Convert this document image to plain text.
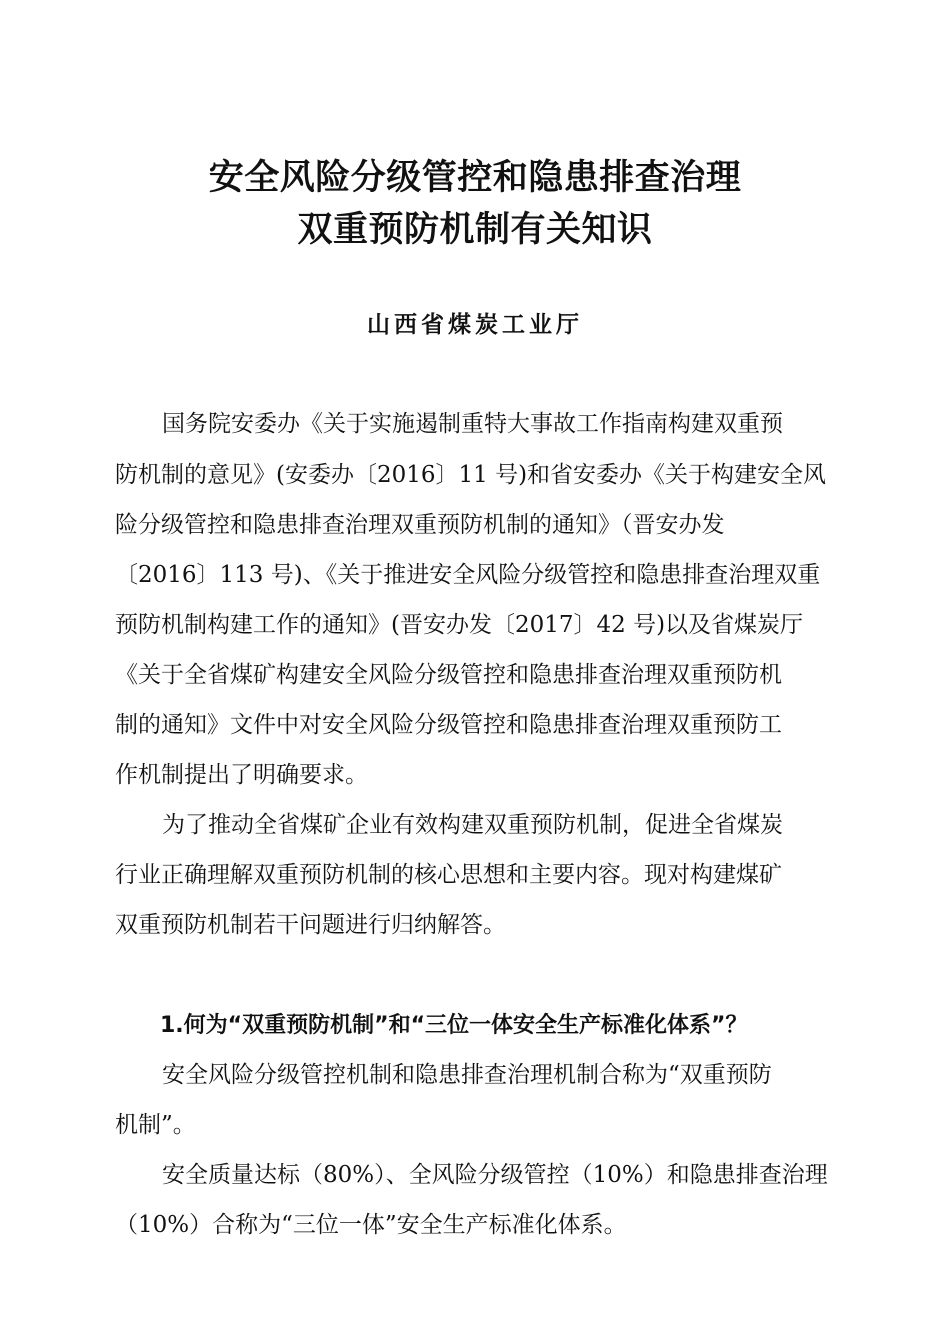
安全风险分级管控和隐患排查治理
双重预防机制有关知识
山西省煤炭工业厅
国务院安委办《关于实施遏制重特大事故工作指南构建双重预
防机制的意见》(安委办〔2016〕11 号)和省安委办《关于构建安全风
险分级管控和隐患排查治理双重预防机制的通知》（晋安办发
〔2016〕113 号)、《关于推进安全风险分级管控和隐患排查治理双重
预防机制构建工作的通知》(晋安办发〔2017〕42 号)以及省煤炭厅
《关于全省煤矿构建安全风险分级管控和隐患排查治理双重预防机
制的通知》文件中对安全风险分级管控和隐患排查治理双重预防工
作机制提出了明确要求。
为了推动全省煤矿企业有效构建双重预防机制，促进全省煤炭
行业正确理解双重预防机制的核心思想和主要内容。现对构建煤矿
双重预防机制若干问题进行归纳解答。
1.何为“双重预防机制”和“三位一体安全生产标准化体系”？
安全风险分级管控机制和隐患排查治理机制合称为“双重预防
机制”。
安全质量达标（80%）、全风险分级管控（10%）和隐患排查治理
（10%）合称为“三位一体”安全生产标准化体系。
